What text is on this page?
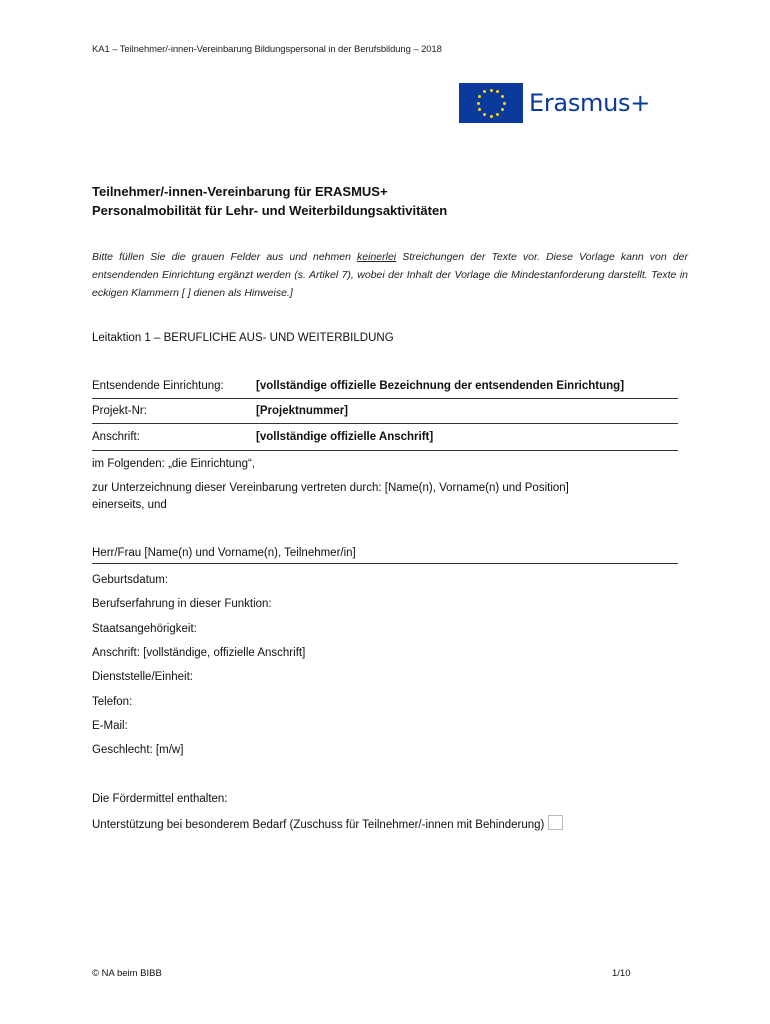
KA1 – Teilnehmer/-innen-Vereinbarung Bildungspersonal in der Berufsbildung – 2018
Erasmus+
Teilnehmer/-innen-Vereinbarung für ERASMUS+
Personalmobilität für Lehr- und Weiterbildungsaktivitäten
Bitte füllen Sie die grauen Felder aus und nehmen keinerlei Streichungen der Texte vor. Diese Vorlage kann von der entsendenden Einrichtung ergänzt werden (s. Artikel 7), wobei der Inhalt der Vorlage die Mindestanforderung darstellt. Texte in eckigen Klammern [ ] dienen als Hinweise.]
Leitaktion 1 – BERUFLICHE AUS- UND WEITERBILDUNG
Entsendende Einrichtung:	[vollständige offizielle Bezeichnung der entsendenden Einrichtung]
Projekt-Nr:	[Projektnummer]
Anschrift:	[vollständige offizielle Anschrift]
im Folgenden: „die Einrichtung“,
zur Unterzeichnung dieser Vereinbarung vertreten durch: [Name(n), Vorname(n) und Position]
einerseits, und
Herr/Frau [Name(n) und Vorname(n), Teilnehmer/in]
Geburtsdatum:
Berufserfahrung in dieser Funktion:
Staatsangehörigkeit:
Anschrift: [vollständige, offizielle Anschrift]
Dienststelle/Einheit:
Telefon:
E-Mail:
Geschlecht: [m/w]
Die Fördermittel enthalten:
Unterstützung bei besonderem Bedarf (Zuschuss für Teilnehmer/-innen mit Behinderung)
© NA beim BIBB	1/10
